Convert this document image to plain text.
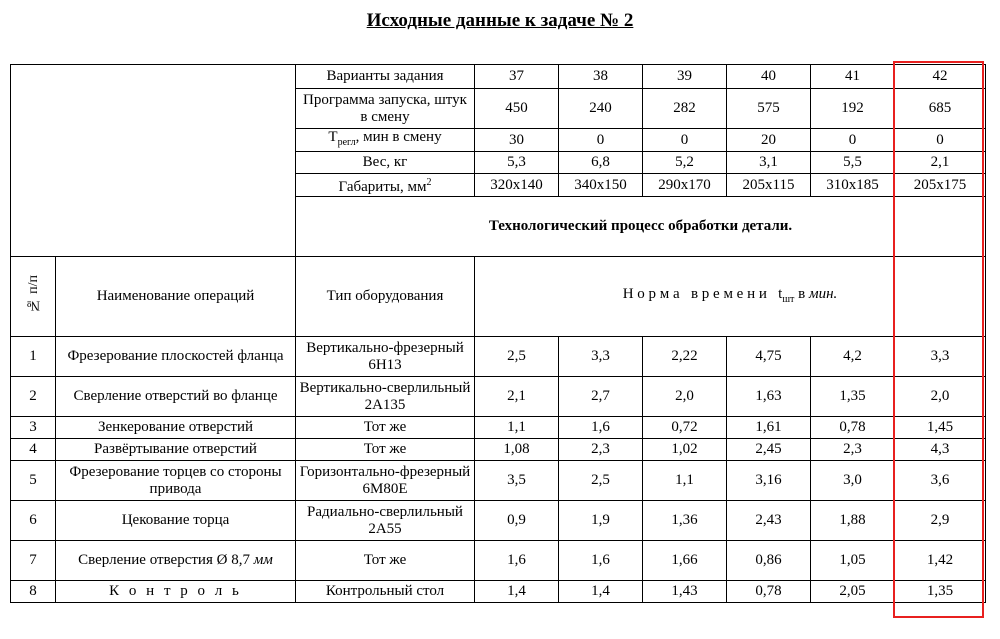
Исходные данные к задаче № 2
		Варианты задания	37	38	39	40	41	42
		Программа запуска, штук в смену	450	240	282	575	192	685
		$Т_{регл}$, мин в смену	30	0	0	20	0	0
		Вес, кг	5,3	6,8	5,2	3,1	5,5	2,1
		Габариты, $мм^2$	320х140	340х150	290х170	205х115	310х185	205х175
		Технологический процесс обработки детали.						
№ п/п	Наименование операций	Тип оборудования	Н о р м а   в р е м е н и   $t_{шт}$ в мин.					
1	Фрезерование плоскостей фланца	Вертикально-фрезерный 6Н13	2,5	3,3	2,22	4,75	4,2	3,3
2	Сверление отверстий во фланце	Вертикально-сверлильный 2А135	2,1	2,7	2,0	1,63	1,35	2,0
3	Зенкерование отверстий	Тот же	1,1	1,6	0,72	1,61	0,78	1,45
4	Развёртывание отверстий	Тот же	1,08	2,3	1,02	2,45	2,3	4,3
5	Фрезерование торцев со стороны привода	Горизонтально-фрезерный 6М80Е	3,5	2,5	1,1	3,16	3,0	3,6
6	Цекование торца	Радиально-сверлильный 2А55	0,9	1,9	1,36	2,43	1,88	2,9
7	Сверление отверстия Ø 8,7 мм	Тот же	1,6	1,6	1,66	0,86	1,05	1,42
8	К о н т р о л ь	Контрольный стол	1,4	1,4	1,43	0,78	2,05	1,35
